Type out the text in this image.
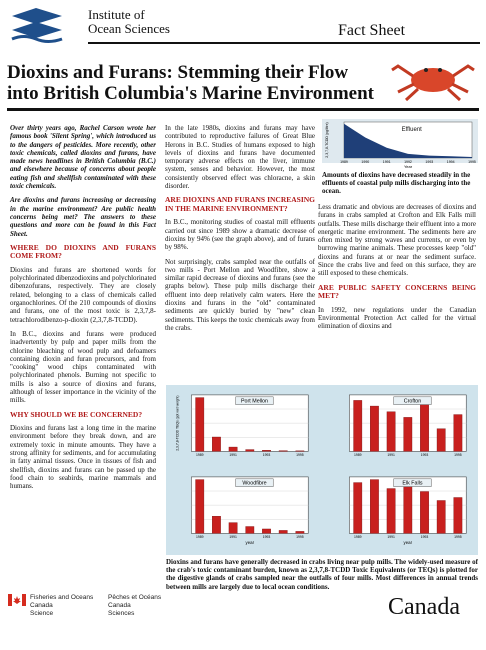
Institute of
Ocean Sciences	Fact Sheet
Dioxins and Furans: Stemming their Flow
into British Columbia's Marine Environment

Over thirty years ago, Rachel Carson wrote her famous book 'Silent Spring', which introduced us to the dangers of pesticides. More recently, other toxic chemicals, called dioxins and furans, have made news headlines in British Columbia (B.C.) and elsewhere because of concerns about people eating fish and shellfish contaminated with these toxic chemicals.

Are dioxins and furans increasing or decreasing in the marine environment? Are public health concerns being met? The answers to these questions and more can be found in this Fact Sheet.

WHERE DO DIOXINS AND FURANS COME FROM?

Dioxins and furans are shortened words for polychlorinated dibenzodioxins and polychlorinated dibenzofurans, respectively. They are closely related, belonging to a class of chemicals called organochlorines. Of the 210 compounds of dioxins and furans, one of the most toxic is 2,3,7,8-tetrachlorodibenzo-p-dioxin (2,3,7,8-TCDD).

In B.C., dioxins and furans were produced inadvertently by pulp and paper mills from the chlorine bleaching of wood pulp and defoamers containing dioxin and furan precursors, and from "cooking" wood chips contaminated with polychlorinated phenols. Burning not specific to mills is also a source of dioxins and furans, although of lesser importance in the vicinity of the mills.

WHY SHOULD WE BE CONCERNED?

Dioxins and furans last a long time in the marine environment before they break down, and are extremely toxic in minute amounts. They have a strong affinity for sediments, and for accumulating in fatty animal tissues. Once in tissues of fish and shellfish, dioxins and furans can be passed up the food chain to seabirds, marine mammals and humans.

In the late 1980s, dioxins and furans may have contributed to reproductive failures of Great Blue Herons in B.C. Studies of humans exposed to high levels of dioxins and furans have documented temporary adverse effects on the liver, immune system, senses and behavior. However, the most consistently observed effect was chloracne, a skin disorder.

ARE DIOXINS AND FURANS INCREASING IN THE MARINE ENVIRONMENT?

In B.C., monitoring studies of coastal mill effluents carried out since 1989 show a dramatic decrease of dioxins by 94% (see the graph above), and of furans by 98%.

Not surprisingly, crabs sampled near the outfalls of two mills - Port Mellon and Woodfibre, show a similar rapid decrease of dioxins and furans (see the graphs below). These pulp mills discharge their effluent into deep relatively calm waters. Here the dioxins and furans in the "old" contaminated sediments are quickly buried by "new" clean sediments. This keeps the toxic chemicals away from the crabs.

Effluent
1989	1990	1991	1992	1993	1994	1995
2,3,7,8-TCDD (pg/litre)
Year
Amounts of dioxins have decreased steadily in the effluents of coastal pulp mills discharging into the ocean.

Less dramatic and obvious are decreases of dioxins and furans in crabs sampled at Crofton and Elk Falls mill outfalls. These mills discharge their effluent into a more energetic marine environment. The sediments here are often mixed by strong waves and currents, or even by burrowing marine animals. These processes keep "old" dioxins and furans at or near the sediment surface. Since the crabs live and feed on this surface, they are still exposed to these chemicals.

ARE PUBLIC SAFETY CONCERNS BEING MET?

In 1992, new regulations under the Canadian Environmental Protection Act called for the virtual elimination of dioxins and

Port Mellon
1989	1991	1993	1995
2,3,7,8-TCDD TEQs (ppt wet weight)	Crofton
1989	1991	1993	1995
Woodfibre
1989	1991	1993	1995
year
Elk Falls
1989	1991	1993	1995
year
Dioxins and furans have generally decreased in crabs living near pulp mills. The widely-used measure of the crab's toxic contaminant burden, known as 2,3,7,8-TCDD Toxic Equivalents (or TEQs) is plotted for the digestive glands of crabs sampled near the outfalls of four mills. Most differences in annual trends between mills are largely due to local ocean conditions.
Fisheries and Oceans
Canada
Science
Pêches et Océans
Canada
Sciences	Canada
